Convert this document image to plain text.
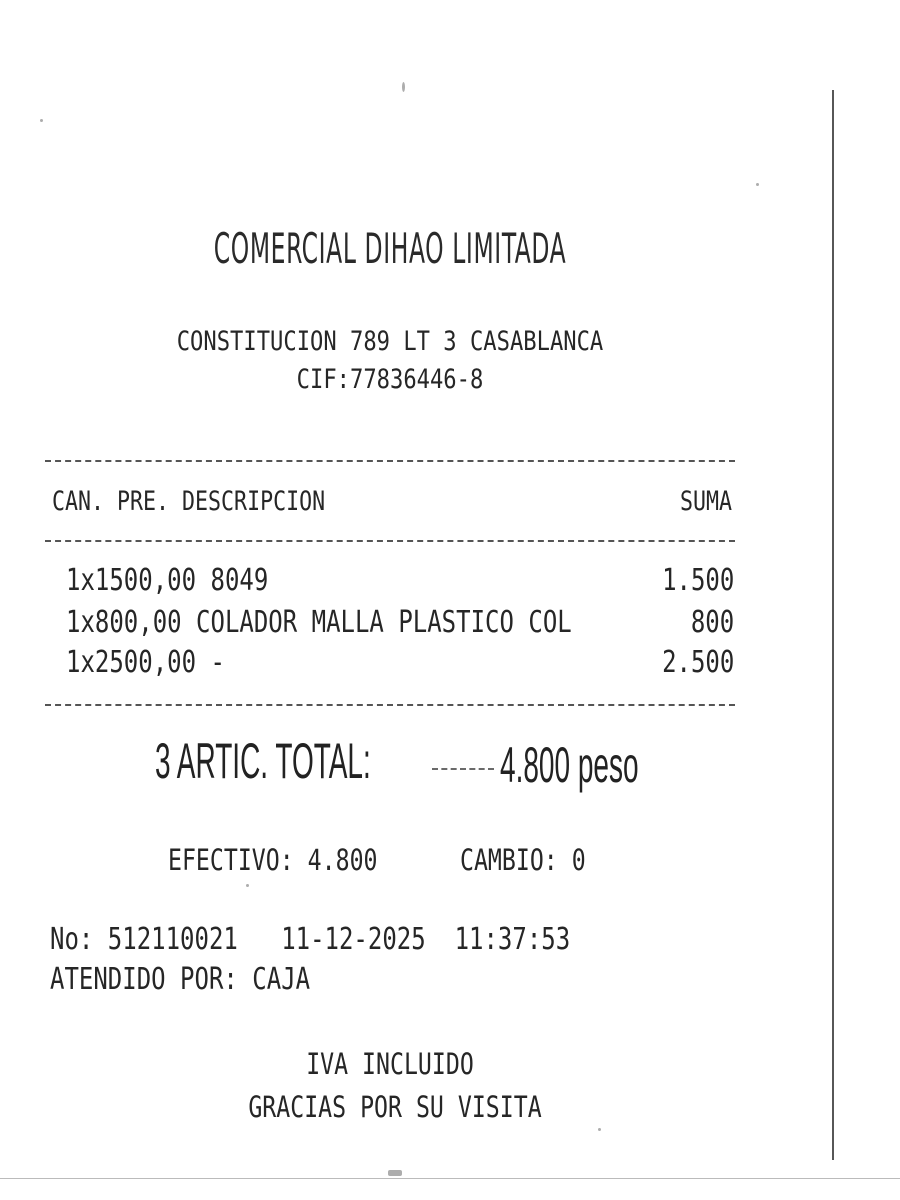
COMERCIAL DIHAO LIMITADA
CONSTITUCION 789 LT 3 CASABLANCA
CIF:77836446-8
CAN. PRE. DESCRIPCION	SUMA
1x1500,00 8049	1.500
1x800,00 COLADOR MALLA PLASTICO COL	800
1x2500,00 -	2.500
3 ARTIC. TOTAL:	4.800 peso
EFECTIVO: 4.800	CAMBIO: 0
No: 512110021   11-12-2025  11:37:53
ATENDIDO POR: CAJA
IVA INCLUIDO
GRACIAS POR SU VISITA
